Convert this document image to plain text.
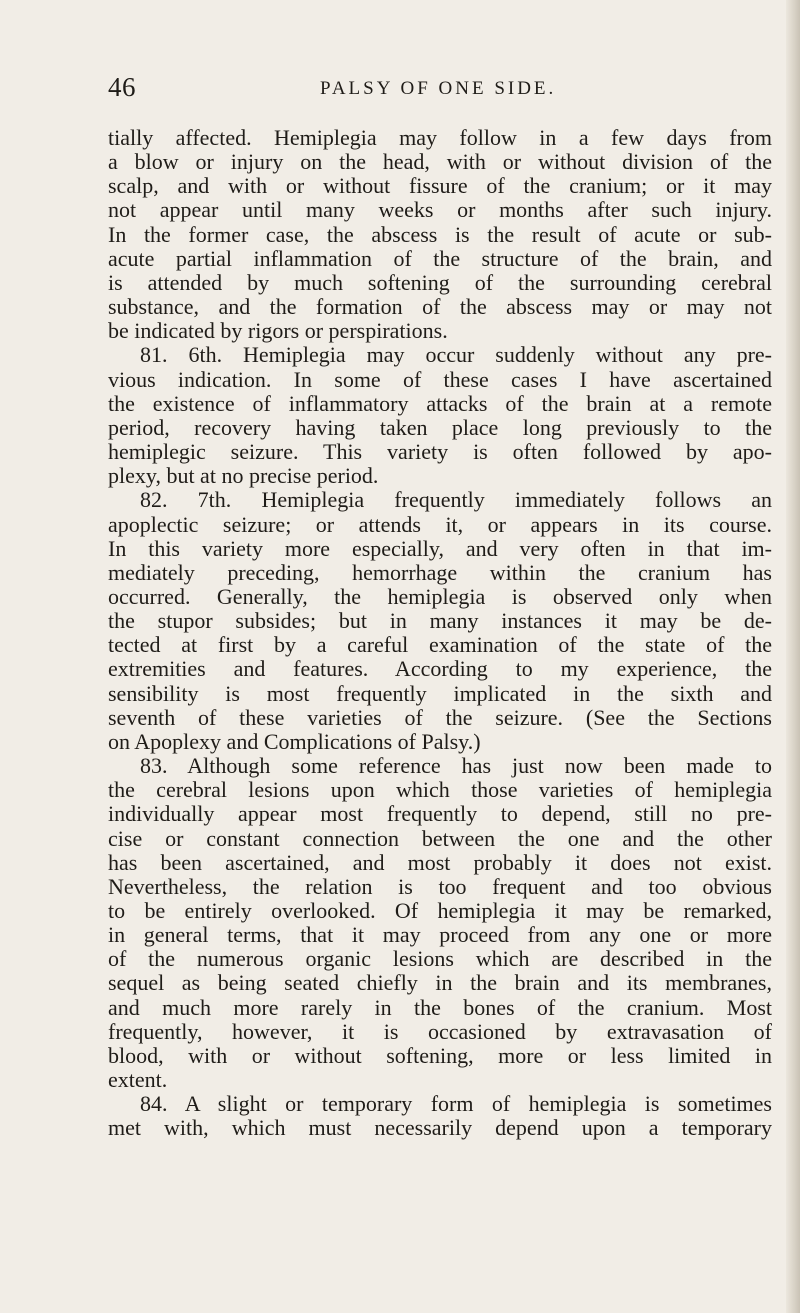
46	PALSY OF ONE SIDE.
tially affected. Hemiplegia may follow in a few days from
a blow or injury on the head, with or without division of the
scalp, and with or without fissure of the cranium; or it may
not appear until many weeks or months after such injury.
In the former case, the abscess is the result of acute or sub-
acute partial inflammation of the structure of the brain, and
is attended by much softening of the surrounding cerebral
substance, and the formation of the abscess may or may not
be indicated by rigors or perspirations.
81. 6th. Hemiplegia may occur suddenly without any pre-
vious indication. In some of these cases I have ascertained
the existence of inflammatory attacks of the brain at a remote
period, recovery having taken place long previously to the
hemiplegic seizure. This variety is often followed by apo-
plexy, but at no precise period.
82. 7th. Hemiplegia frequently immediately follows an
apoplectic seizure; or attends it, or appears in its course.
In this variety more especially, and very often in that im-
mediately preceding, hemorrhage within the cranium has
occurred. Generally, the hemiplegia is observed only when
the stupor subsides; but in many instances it may be de-
tected at first by a careful examination of the state of the
extremities and features. According to my experience, the
sensibility is most frequently implicated in the sixth and
seventh of these varieties of the seizure. (See the Sections
on Apoplexy and Complications of Palsy.)
83. Although some reference has just now been made to
the cerebral lesions upon which those varieties of hemiplegia
individually appear most frequently to depend, still no pre-
cise or constant connection between the one and the other
has been ascertained, and most probably it does not exist.
Nevertheless, the relation is too frequent and too obvious
to be entirely overlooked. Of hemiplegia it may be remarked,
in general terms, that it may proceed from any one or more
of the numerous organic lesions which are described in the
sequel as being seated chiefly in the brain and its membranes,
and much more rarely in the bones of the cranium. Most
frequently, however, it is occasioned by extravasation of
blood, with or without softening, more or less limited in
extent.
84. A slight or temporary form of hemiplegia is sometimes
met with, which must necessarily depend upon a temporary
